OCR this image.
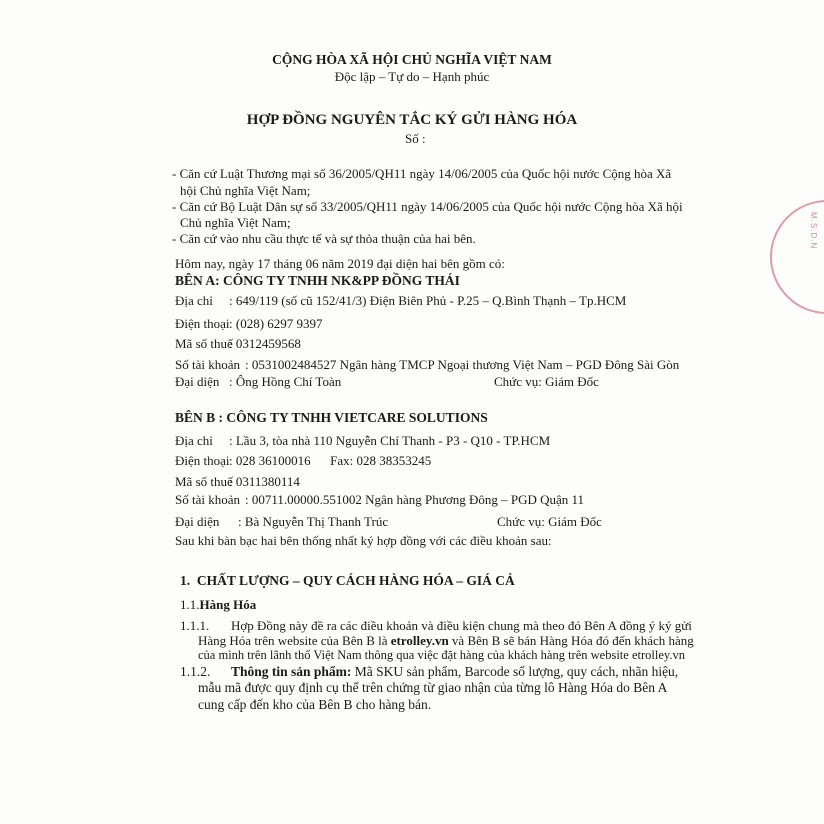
CỘNG HÒA XÃ HỘI CHỦ NGHĨA VIỆT NAM
Độc lập – Tự do – Hạnh phúc
HỢP ĐỒNG NGUYÊN TẮC KÝ GỬI HÀNG HÓA
Số :
- Căn cứ Luật Thương mại số 36/2005/QH11 ngày 14/06/2005 của Quốc hội nước Cộng hòa Xã
hội Chủ nghĩa Việt Nam;
- Căn cứ Bộ Luật Dân sự số 33/2005/QH11 ngày 14/06/2005 của Quốc hội nước Cộng hòa Xã hội
Chủ nghĩa Việt Nam;
- Căn cứ vào nhu cầu thực tế và sự thỏa thuận của hai bên.
Hôm nay, ngày 17 tháng 06 năm 2019 đại diện hai bên gồm có:
BÊN A: CÔNG TY TNHH NK&PP ĐỒNG THÁI
Địa chỉ : 649/119 (số cũ 152/41/3) Điện Biên Phủ - P.25 – Q.Bình Thạnh – Tp.HCM
Điện thoại : (028) 6297 9397
Mã số thuế
: 0312459568
Số tài khoản : 0531002484527 Ngân hàng TMCP Ngoại thương Việt Nam – PGD Đông Sài Gòn
Đại diện : Ông Hồng Chí Toàn	Chức vụ: Giám Đốc
BÊN B : CÔNG TY TNHH VIETCARE SOLUTIONS
Địa chỉ : Lầu 3, tòa nhà 110 Nguyễn Chí Thanh - P3 - Q10 - TP.HCM
Điện thoại : 028 36100016      Fax: 028 38353245
Mã số thuế
: 0311380114
Số tài khoản : 00711.00000.551002 Ngân hàng Phương Đông – PGD Quận 11
Đại diện : Bà Nguyễn Thị Thanh Trúc	Chức vụ: Giám Đốc
Sau khi bàn bạc hai bên thống nhất ký hợp đồng với các điều khoản sau:
1.  CHẤT LƯỢNG – QUY CÁCH HÀNG HÓA – GIÁ CẢ
1.1.Hàng Hóa
1.1.1. Hợp Đồng này đề ra các điều khoản và điều kiện chung mà theo đó Bên A đồng ý ký gửi
Hàng Hóa trên website của Bên B là etrolley.vn và Bên B sẽ bán Hàng Hóa đó đến khách hàng
của mình trên lãnh thổ Việt Nam thông qua việc đặt hàng của khách hàng trên website etrolley.vn
1.1.2. Thông tin sản phẩm: Mã SKU sản phẩm, Barcode số lượng, quy cách, nhãn hiệu,
mẫu mã được quy định cụ thể trên chứng từ giao nhận của từng lô Hàng Hóa do Bên A
cung cấp đến kho của Bên B cho hàng bán.
M.S.D.N
